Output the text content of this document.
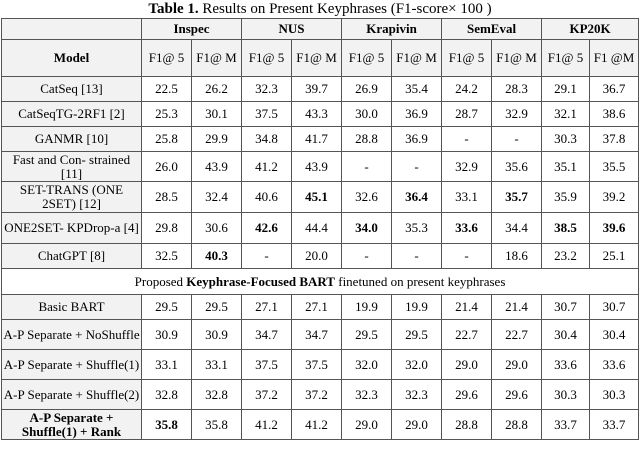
Table 1. Results on Present Keyphrases (F1-score× 100 )
	Inspec		NUS		Krapivin		SemEval		KP20K	
Model	F1@ 5	F1@ M	F1@ 5	F1@ M	F1@ 5	F1@ M	F1@ 5	F1@ M	F1@ 5	F1 @M
CatSeq [13]	22.5	26.2	32.3	39.7	26.9	35.4	24.2	28.3	29.1	36.7
CatSeqTG-2RF1 [2]	25.3	30.1	37.5	43.3	30.0	36.9	28.7	32.9	32.1	38.6
GANMR [10]	25.8	29.9	34.8	41.7	28.8	36.9	-	-	30.3	37.8
Fast and Con- strained [11]	26.0	43.9	41.2	43.9	-	-	32.9	35.6	35.1	35.5
SET-TRANS (ONE 2SET) [12]	28.5	32.4	40.6	45.1	32.6	36.4	33.1	35.7	35.9	39.2
ONE2SET- KPDrop-a [4]	29.8	30.6	42.6	44.4	34.0	35.3	33.6	34.4	38.5	39.6
ChatGPT [8]	32.5	40.3	-	20.0	-	-	-	18.6	23.2	25.1
Proposed Keyphrase-Focused BART finetuned on present keyphrases										
Basic BART	29.5	29.5	27.1	27.1	19.9	19.9	21.4	21.4	30.7	30.7
A-P Separate + NoShuffle	30.9	30.9	34.7	34.7	29.5	29.5	22.7	22.7	30.4	30.4
A-P Separate + Shuffle(1)	33.1	33.1	37.5	37.5	32.0	32.0	29.0	29.0	33.6	33.6
A-P Separate + Shuffle(2)	32.8	32.8	37.2	37.2	32.3	32.3	29.6	29.6	30.3	30.3
A-P Separate + Shuffle(1) + Rank	35.8	35.8	41.2	41.2	29.0	29.0	28.8	28.8	33.7	33.7
